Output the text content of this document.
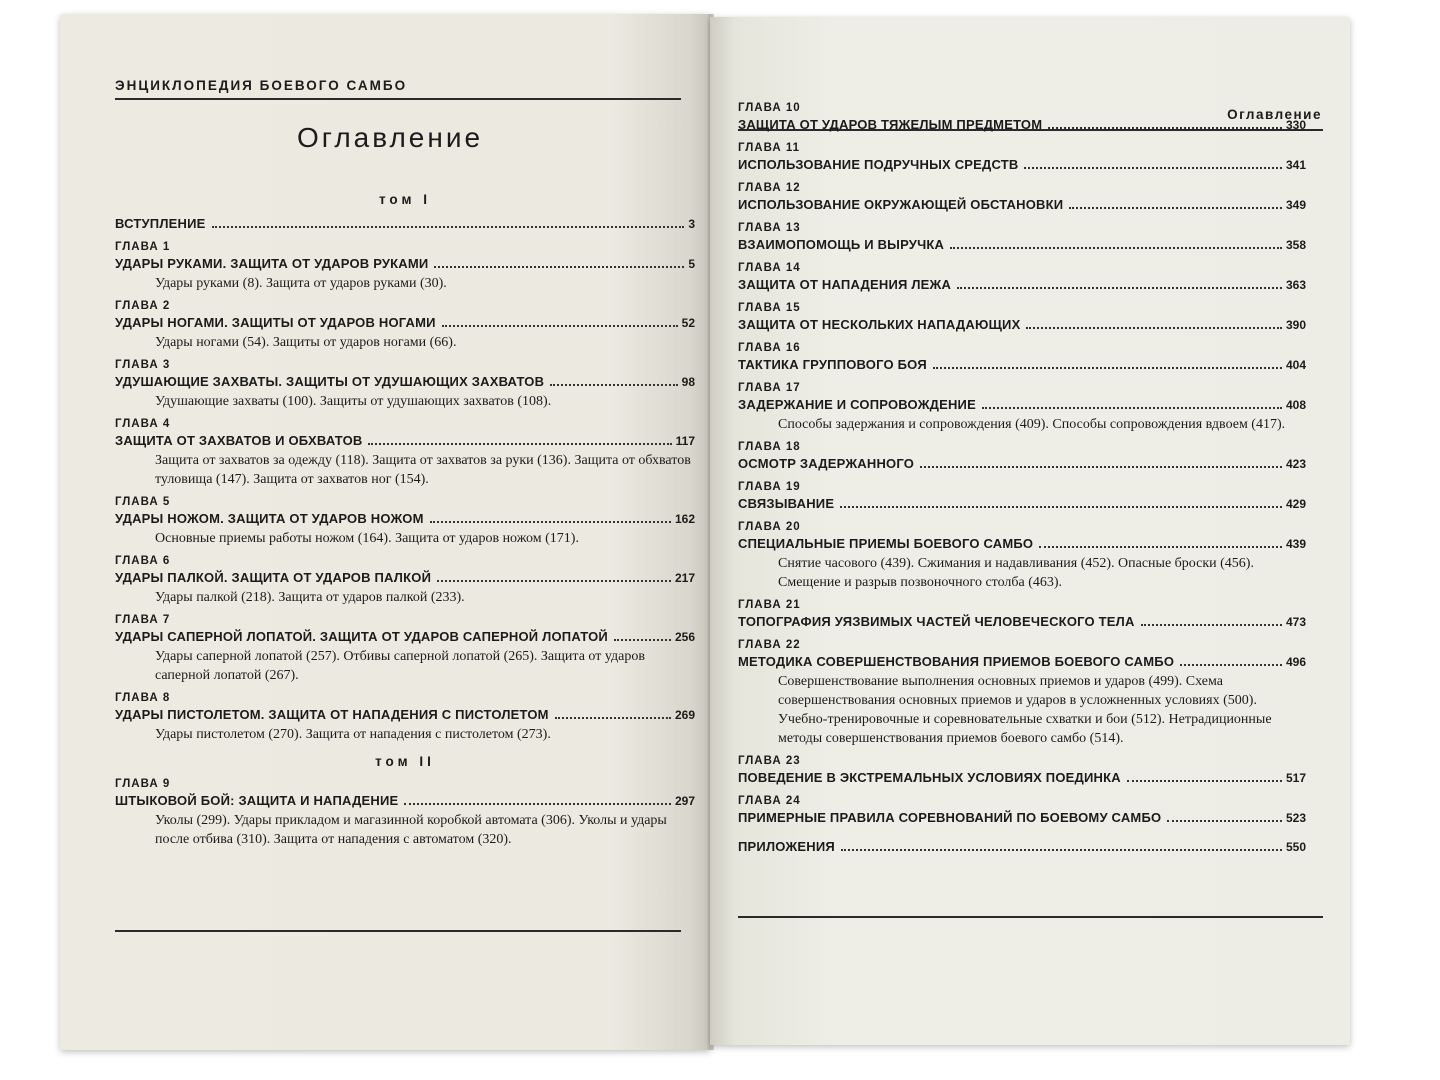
ЭНЦИКЛОПЕДИЯ БОЕВОГО САМБО
Оглавление
том I
ВСТУПЛЕНИЕ	3
ГЛАВА 1
УДАРЫ РУКАМИ. ЗАЩИТА ОТ УДАРОВ РУКАМИ	5
Удары руками (8). Защита от ударов руками (30).
ГЛАВА 2
УДАРЫ НОГАМИ. ЗАЩИТЫ ОТ УДАРОВ НОГАМИ	52
Удары ногами (54). Защиты от ударов ногами (66).
ГЛАВА 3
УДУШАЮЩИЕ ЗАХВАТЫ. ЗАЩИТЫ ОТ УДУШАЮЩИХ ЗАХВАТОВ	98
Удушающие захваты (100). Защиты от удушающих захватов (108).
ГЛАВА 4
ЗАЩИТА ОТ ЗАХВАТОВ И ОБХВАТОВ	117
Защита от захватов за одежду (118). Защита от захватов за руки (136). Защита от обхватов туловища (147). Защита от захватов ног (154).
ГЛАВА 5
УДАРЫ НОЖОМ. ЗАЩИТА ОТ УДАРОВ НОЖОМ	162
Основные приемы работы ножом (164). Защита от ударов ножом (171).
ГЛАВА 6
УДАРЫ ПАЛКОЙ. ЗАЩИТА ОТ УДАРОВ ПАЛКОЙ	217
Удары палкой (218). Защита от ударов палкой (233).
ГЛАВА 7
УДАРЫ САПЕРНОЙ ЛОПАТОЙ. ЗАЩИТА ОТ УДАРОВ САПЕРНОЙ ЛОПАТОЙ	256
Удары саперной лопатой (257). Отбивы саперной лопатой (265). Защита от ударов саперной лопатой (267).
ГЛАВА 8
УДАРЫ ПИСТОЛЕТОМ. ЗАЩИТА ОТ НАПАДЕНИЯ С ПИСТОЛЕТОМ	269
Удары пистолетом (270). Защита от нападения с пистолетом (273).
том II
ГЛАВА 9
ШТЫКОВОЙ БОЙ: ЗАЩИТА И НАПАДЕНИЕ	297
Уколы (299). Удары прикладом и магазинной коробкой автомата (306). Уколы и удары после отбива (310). Защита от нападения с автоматом (320).
Оглавление
ГЛАВА 10
ЗАЩИТА ОТ УДАРОВ ТЯЖЕЛЫМ ПРЕДМЕТОМ	330
ГЛАВА 11
ИСПОЛЬЗОВАНИЕ ПОДРУЧНЫХ СРЕДСТВ	341
ГЛАВА 12
ИСПОЛЬЗОВАНИЕ ОКРУЖАЮЩЕЙ ОБСТАНОВКИ	349
ГЛАВА 13
ВЗАИМОПОМОЩЬ И ВЫРУЧКА	358
ГЛАВА 14
ЗАЩИТА ОТ НАПАДЕНИЯ ЛЕЖА	363
ГЛАВА 15
ЗАЩИТА ОТ НЕСКОЛЬКИХ НАПАДАЮЩИХ	390
ГЛАВА 16
ТАКТИКА ГРУППОВОГО БОЯ	404
ГЛАВА 17
ЗАДЕРЖАНИЕ И СОПРОВОЖДЕНИЕ	408
Способы задержания и сопровождения (409). Способы сопровождения вдвоем (417).
ГЛАВА 18
ОСМОТР ЗАДЕРЖАННОГО	423
ГЛАВА 19
СВЯЗЫВАНИЕ	429
ГЛАВА 20
СПЕЦИАЛЬНЫЕ ПРИЕМЫ БОЕВОГО САМБО	439
Снятие часового (439). Сжимания и надавливания (452). Опасные броски (456). Смещение и разрыв позвоночного столба (463).
ГЛАВА 21
ТОПОГРАФИЯ УЯЗВИМЫХ ЧАСТЕЙ ЧЕЛОВЕЧЕСКОГО ТЕЛА	473
ГЛАВА 22
МЕТОДИКА СОВЕРШЕНСТВОВАНИЯ ПРИЕМОВ БОЕВОГО САМБО	496
Совершенствование выполнения основных приемов и ударов (499). Схема совершенствования основных приемов и ударов в усложненных условиях (500). Учебно-тренировочные и соревновательные схватки и бои (512). Нетрадиционные методы совершенствования приемов боевого самбо (514).
ГЛАВА 23
ПОВЕДЕНИЕ В ЭКСТРЕМАЛЬНЫХ УСЛОВИЯХ ПОЕДИНКА	517
ГЛАВА 24
ПРИМЕРНЫЕ ПРАВИЛА СОРЕВНОВАНИЙ ПО БОЕВОМУ САМБО	523
ПРИЛОЖЕНИЯ	550
